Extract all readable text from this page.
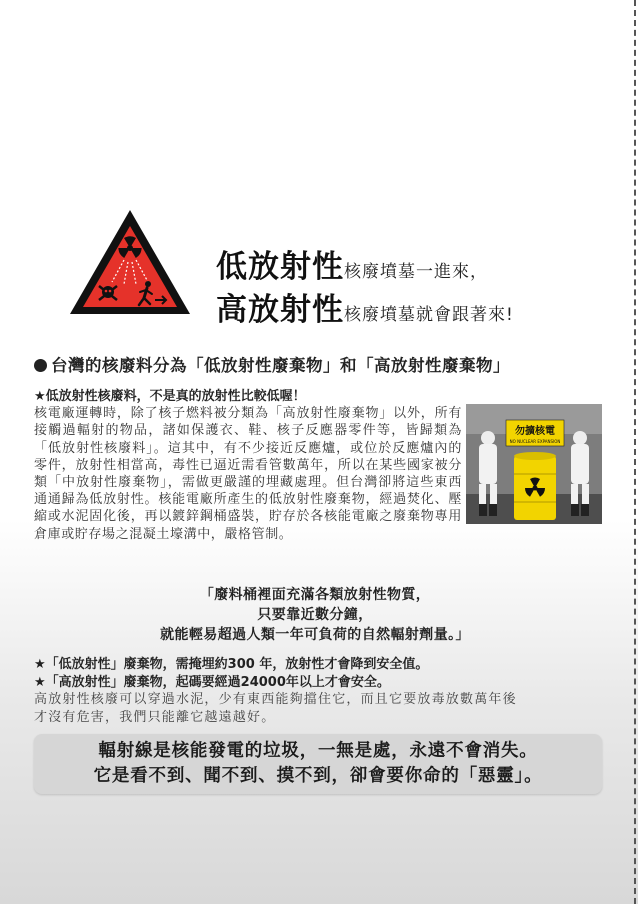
低放射性核廢墳墓一進來，
高放射性核廢墳墓就會跟著來!
台灣的核廢料分為「低放射性廢棄物」和「高放射性廢棄物」
★低放射性核廢料，不是真的放射性比較低喔！
核電廠運轉時，除了核子燃料被分類為「高放射性廢棄物」以外，所有接觸過輻射的物品，諸如保護衣、鞋、核子反應器零件等，皆歸類為「低放射性核廢料」。這其中，有不少接近反應爐，或位於反應爐內的零件，放射性相當高，毒性已逼近需看管數萬年，所以在某些國家被分類「中放射性廢棄物」，需做更嚴謹的埋藏處理。但台灣卻將這些東西通通歸為低放射性。核能電廠所產生的低放射性廢棄物，經過焚化、壓縮或水泥固化後，再以鍍鋅鋼桶盛裝，貯存於各核能電廠之廢棄物專用倉庫或貯存場之混凝土壕溝中，嚴格管制。
勿擴核電
NO NUCLEAR EXPANSION
「廢料桶裡面充滿各類放射性物質，
只要靠近數分鐘，
就能輕易超過人類一年可負荷的自然輻射劑量。」
★「低放射性」廢棄物，需掩埋約300 年，放射性才會降到安全值。
★「高放射性」廢棄物，起碼要經過24000年以上才會安全。
高放射性核廢可以穿過水泥，少有東西能夠擋住它，而且它要放毒放數萬年後
才沒有危害，我們只能離它越遠越好。
輻射線是核能發電的垃圾，一無是處，永遠不會消失。
它是看不到、聞不到、摸不到，卻會要你命的「惡靈」。
